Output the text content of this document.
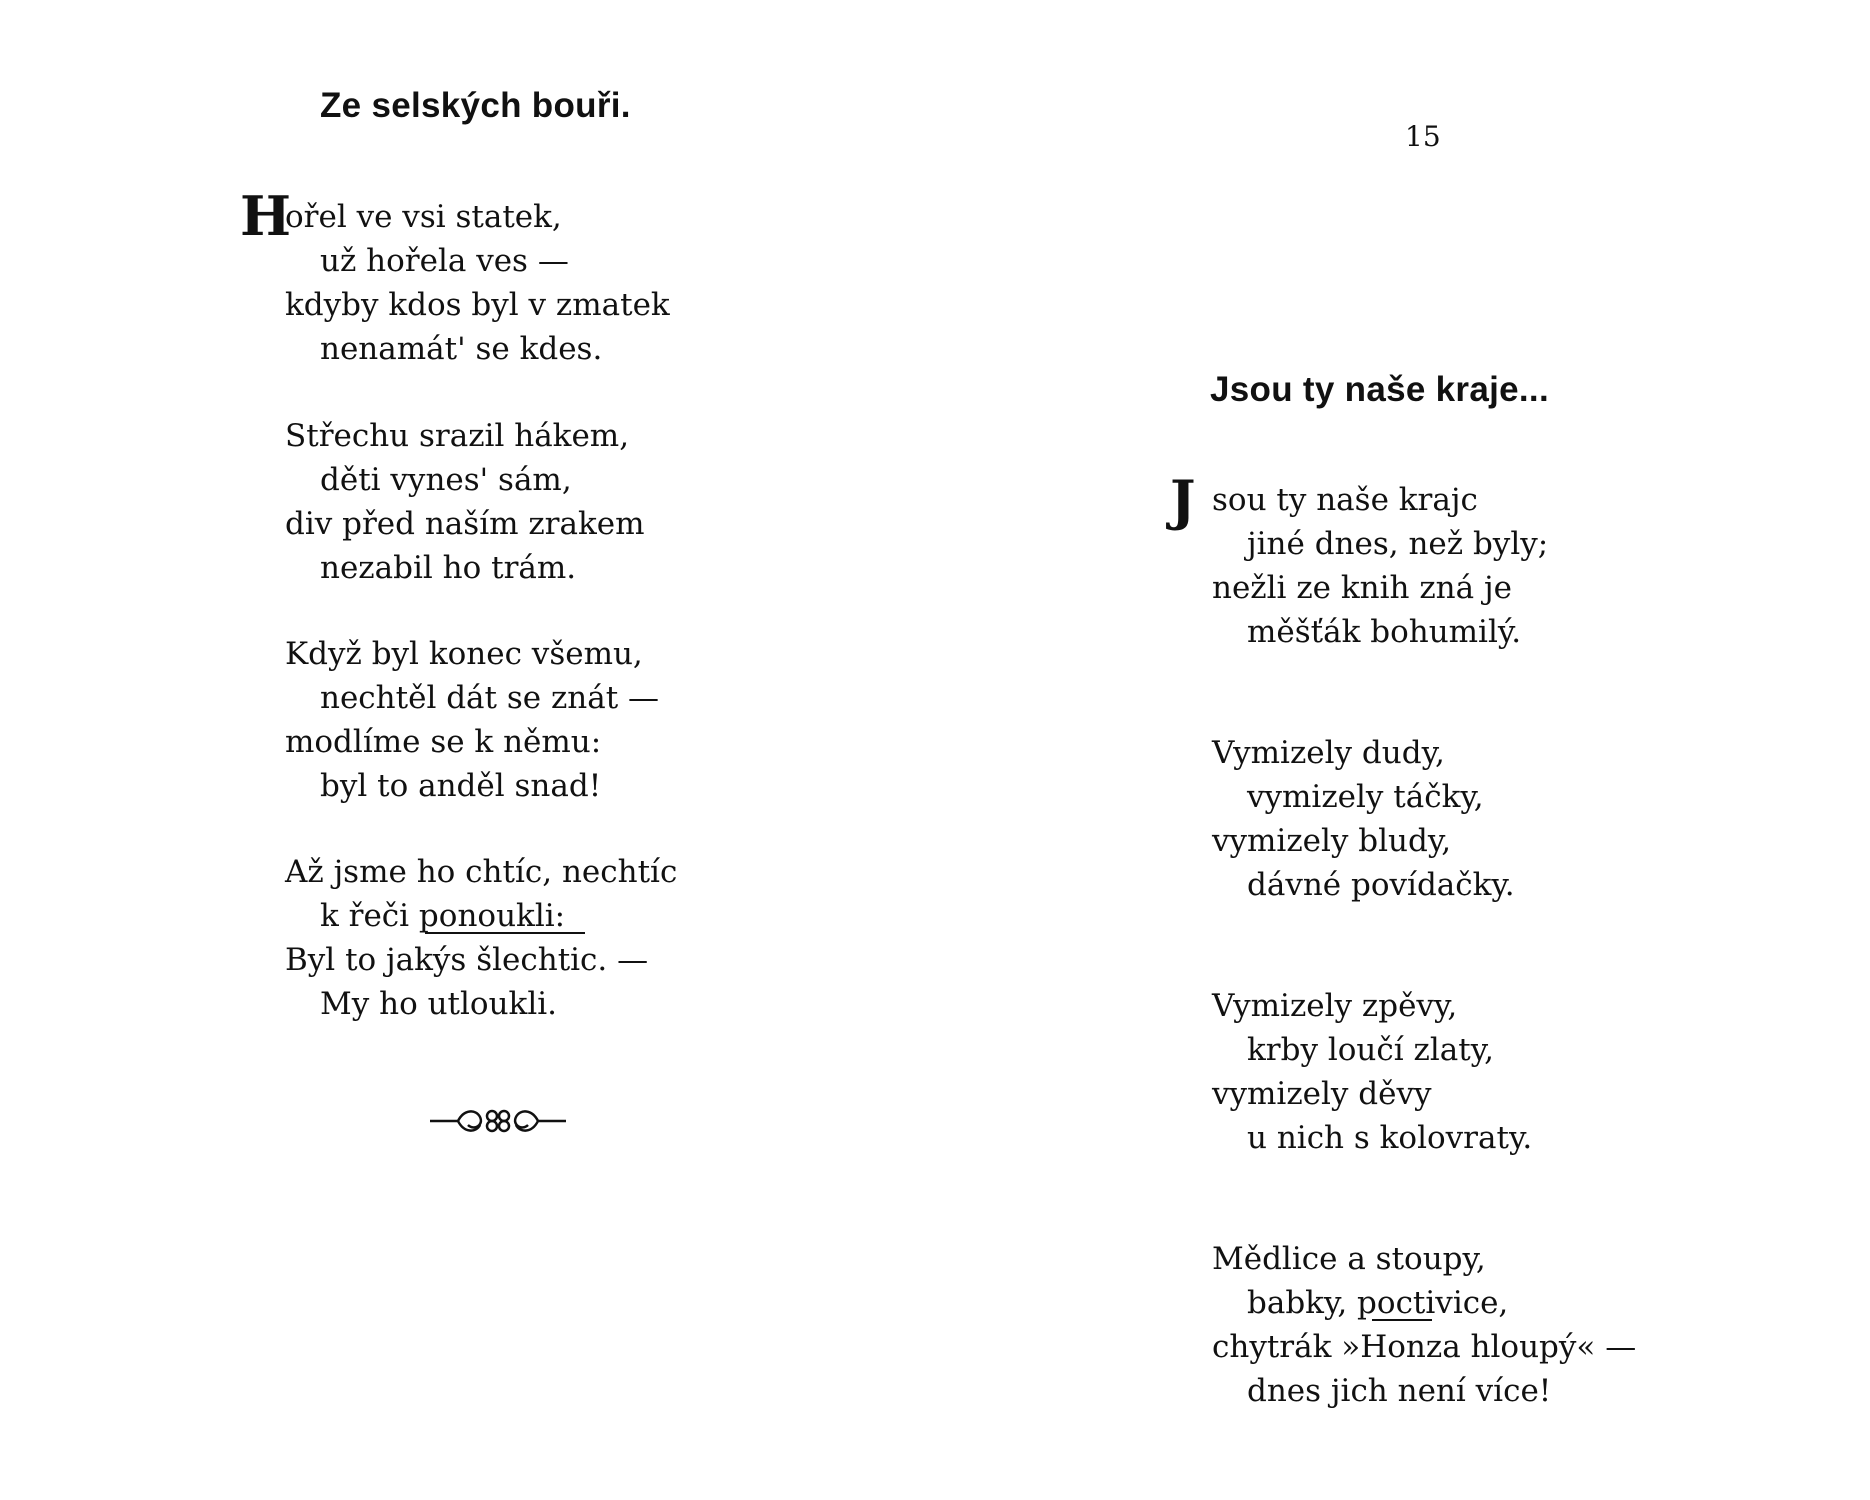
Ze selských bouři.
H
ořel ve vsi statek,
už hořela ves —
kdyby kdos byl v zmatek
nenamát' se kdes.
Střechu srazil hákem,
děti vynes' sám,
div před naším zrakem
nezabil ho trám.
Když byl konec všemu,
nechtěl dát se znát —
modlíme se k němu:
byl to anděl snad!
Až jsme ho chtíc, nechtíc
k řeči ponoukli:
Byl to jakýs šlechtic. —
My ho utloukli.
15
Jsou ty naše kraje...
J sou ty naše krajc
jiné dnes, než byly;
nežli ze knih zná je
měšťák bohumilý.
Vymizely dudy,
vymizely táčky,
vymizely bludy,
dávné povídačky.
Vymizely zpěvy,
krby loučí zlaty,
vymizely děvy
u nich s kolovraty.
Mědlice a stoupy,
babky, poctivice,
chytrák »Honza hloupý« —
dnes jich není více!
